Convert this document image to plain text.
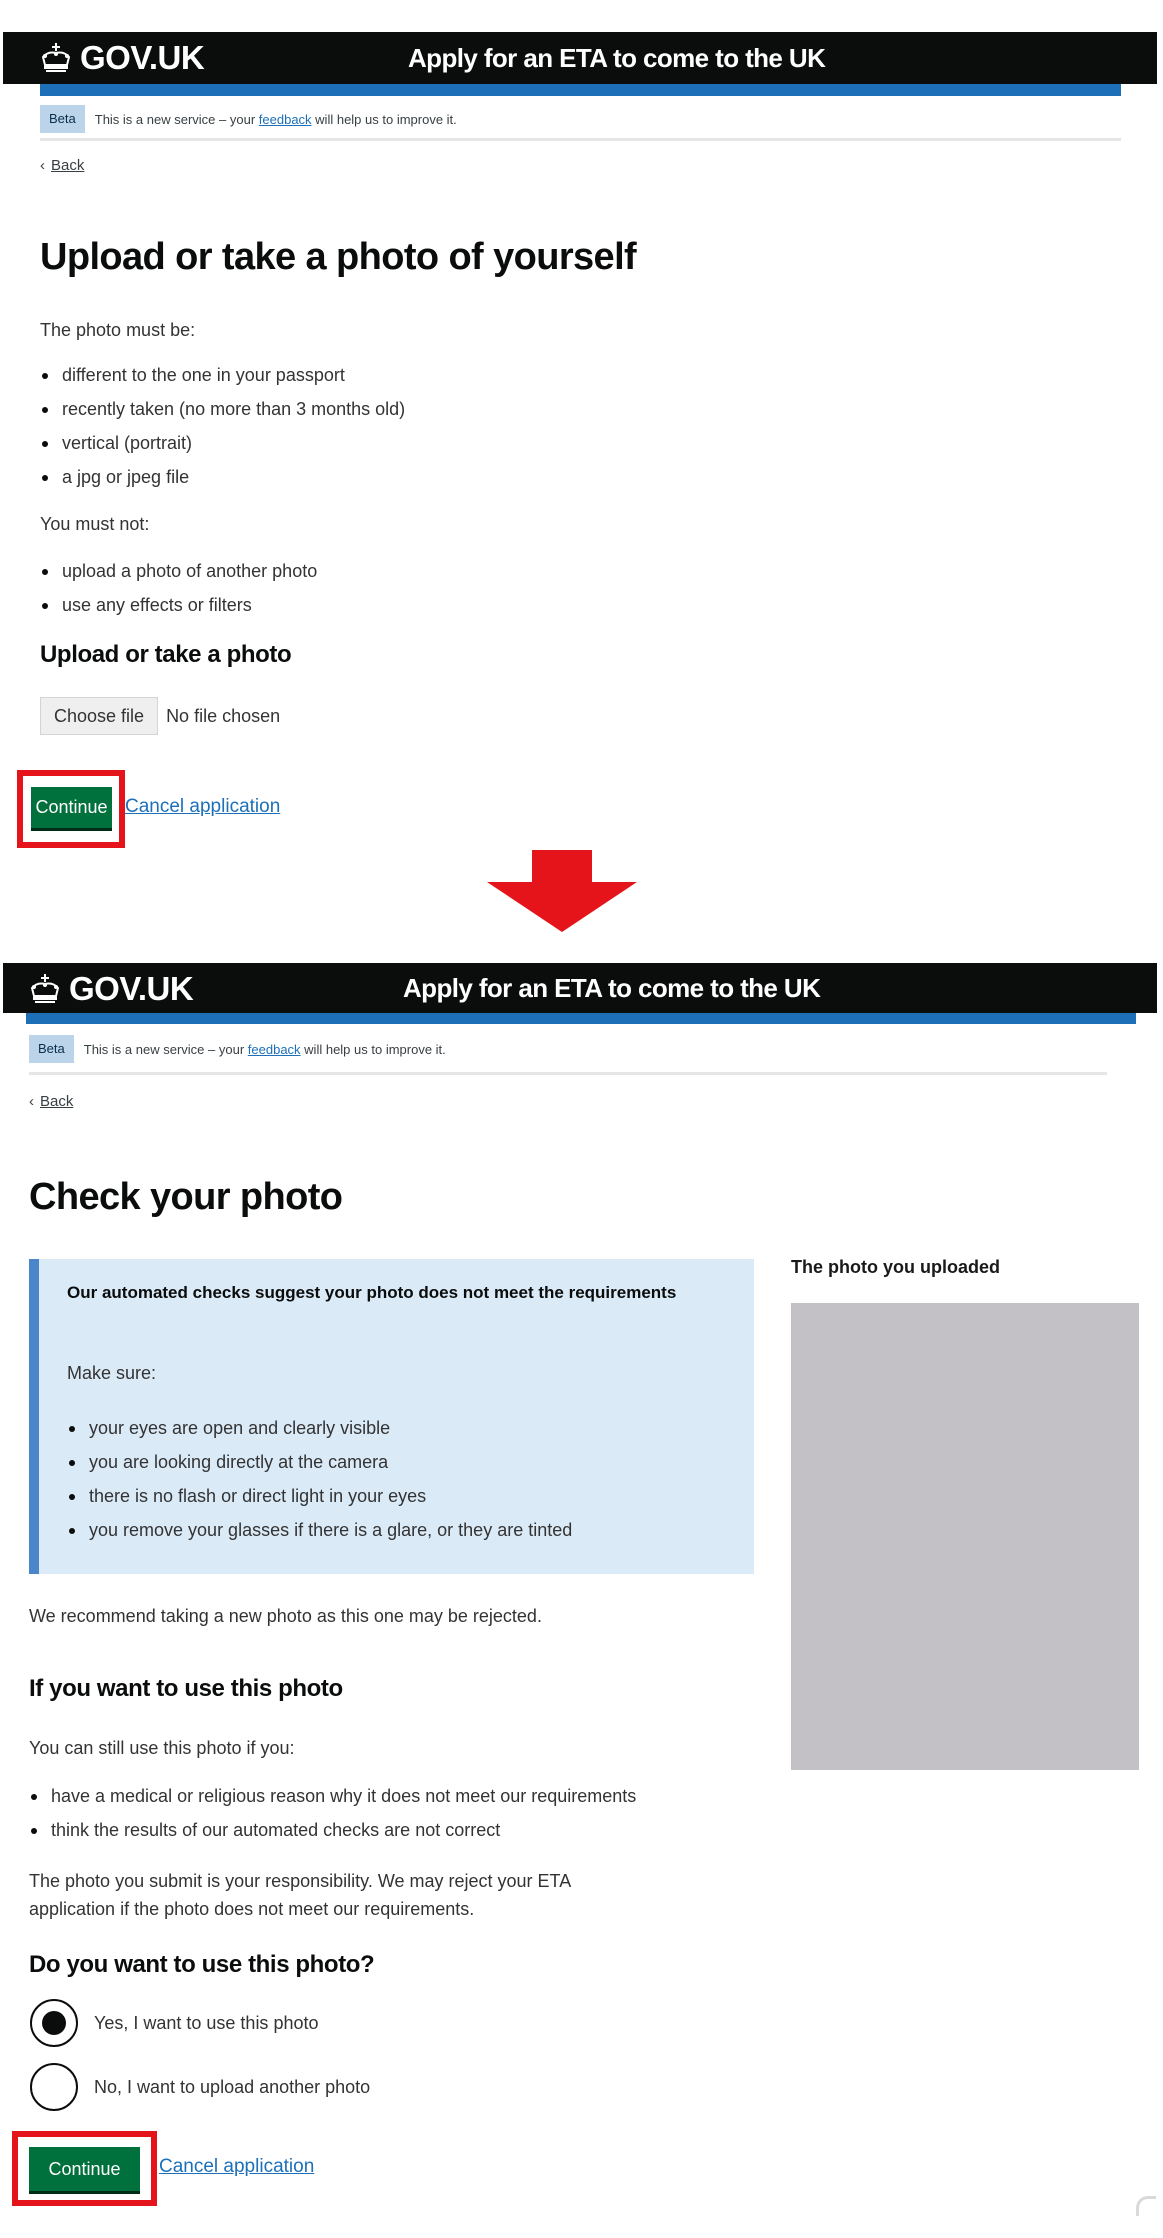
GOV.UK	Apply for an ETA to come to the UK
Beta	This is a new service – your
feedback
will help us to improve it.
‹ Back
Upload or take a photo of yourself

The photo must be:

different to the one in your passport
recently taken (no more than 3 months old)
vertical (portrait)
a jpg or jpeg file

You must not:

upload a photo of another photo
use any effects or filters
Upload or take a photo
Choose file	No file chosen
Continue Cancel application
GOV.UK	Apply for an ETA to come to the UK
Beta	This is a new service – your
feedback
will help us to improve it.
‹ Back
Check your photo

Our automated checks suggest your photo does not meet the requirements

Make sure:

your eyes are open and clearly visible
you are looking directly at the camera
there is no flash or direct light in your eyes
you remove your glasses if there is a glare, or they are tinted

The photo you uploaded

We recommend taking a new photo as this one may be rejected.

If you want to use this photo

You can still use this photo if you:

have a medical or religious reason why it does not meet our requirements
think the results of our automated checks are not correct

The photo you submit is your responsibility. We may reject your ETA

application if the photo does not meet our requirements.

Do you want to use this photo?
Yes, I want to use this photo
No, I want to upload another photo
Continue	Cancel application
